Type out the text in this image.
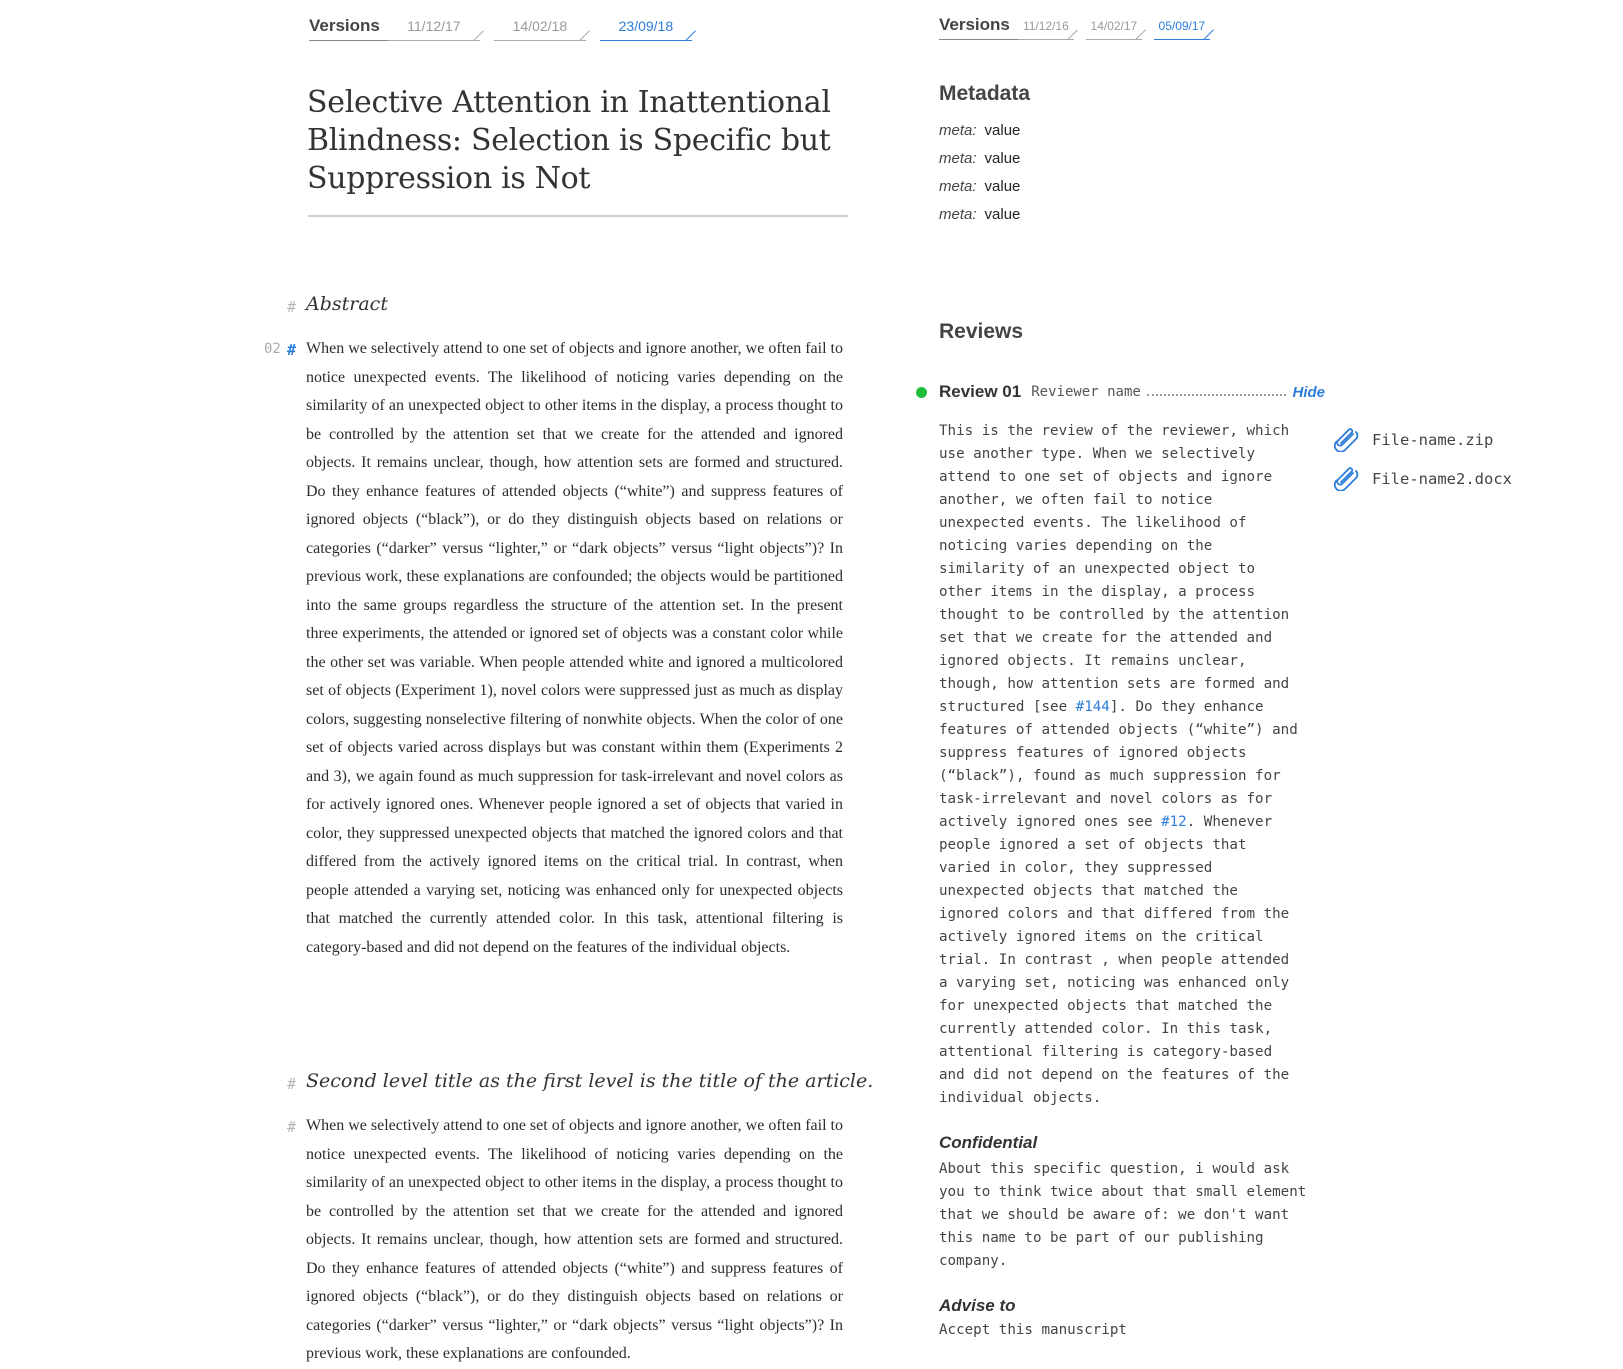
Versions	11/12/17	14/02/18	23/09/18	Versions	11/12/16	14/02/17	05/09/17
Selective Attention in Inattentional Blindness: Selection is Specific but Suppression is Not
# Abstract
02 # When we selectively attend to one set of objects and ignore another, we often fail to notice unexpected events. The likelihood of noticing varies depending on the similarity of an unexpected object to other items in the display, a process thought to be controlled by the attention set that we create for the attended and ignored objects. It remains unclear, though, how attention sets are formed and structured. Do they enhance features of attended objects (“white”) and suppress features of ignored objects (“black”), or do they distinguish objects based on relations or categories (“darker” versus “lighter,” or “dark objects” versus “light objects”)? In previous work, these explanations are confounded; the objects would be partitioned into the same groups regardless the structure of the attention set. In the present three experiments, the attended or ignored set of objects was a constant color while the other set was variable. When people attended white and ignored a multicolored set of objects (Experiment 1), novel colors were suppressed just as much as display colors, suggesting nonselective filtering of nonwhite objects. When the color of one set of objects varied across displays but was constant within them (Experiments 2 and 3), we again found as much suppression for task-irrelevant and novel colors as for actively ignored ones. Whenever people ignored a set of objects that varied in color, they suppressed unexpected objects that matched the ignored colors and that differed from the actively ignored items on the critical trial. In contrast, when people attended a varying set, noticing was enhanced only for unexpected objects that matched the currently attended color. In this task, attentional filtering is category-based and did not depend on the features of the individual objects.

# Second level title as the first level is the title of the article.
# When we selectively attend to one set of objects and ignore another, we often fail to notice unexpected events. The likelihood of noticing varies depending on the similarity of an unexpected object to other items in the display, a process thought to be controlled by the attention set that we create for the attended and ignored objects. It remains unclear, though, how attention sets are formed and structured. Do they enhance features of attended objects (“white”) and suppress features of ignored objects (“black”), or do they distinguish objects based on relations or categories (“darker” versus “lighter,” or “dark objects” versus “light objects”)? In previous work, these explanations are confounded.

Metadata
meta: value
meta: value
meta: value
meta: value
Reviews
Review 01 Reviewer name	Hide

This is the review of the reviewer, which use another type. When we selectively attend to one set of objects and ignore another, we often fail to notice unexpected events. The likelihood of noticing varies depending on the similarity of an unexpected object to other items in the display, a process thought to be controlled by the attention set that we create for the attended and ignored objects. It remains unclear, though, how attention sets are formed and structured [see #144]. Do they enhance features of attended objects (“white”) and suppress features of ignored objects (“black”), found as much suppression for task-irrelevant and novel colors as for actively ignored ones see #12. Whenever people ignored a set of objects that varied in color, they suppressed unexpected objects that matched the ignored colors and that differed from the actively ignored items on the critical trial. In contrast , when people attended a varying set, noticing was enhanced only for unexpected objects that matched the currently attended color. In this task, attentional filtering is category-based and did not depend on the features of the individual objects.

File-name.zip
File-name2.docx
Confidential

About this specific question, i would ask you to think twice about that small element that we should be aware of: we don't want this name to be part of our publishing company.

Advise to

Accept this manuscript
